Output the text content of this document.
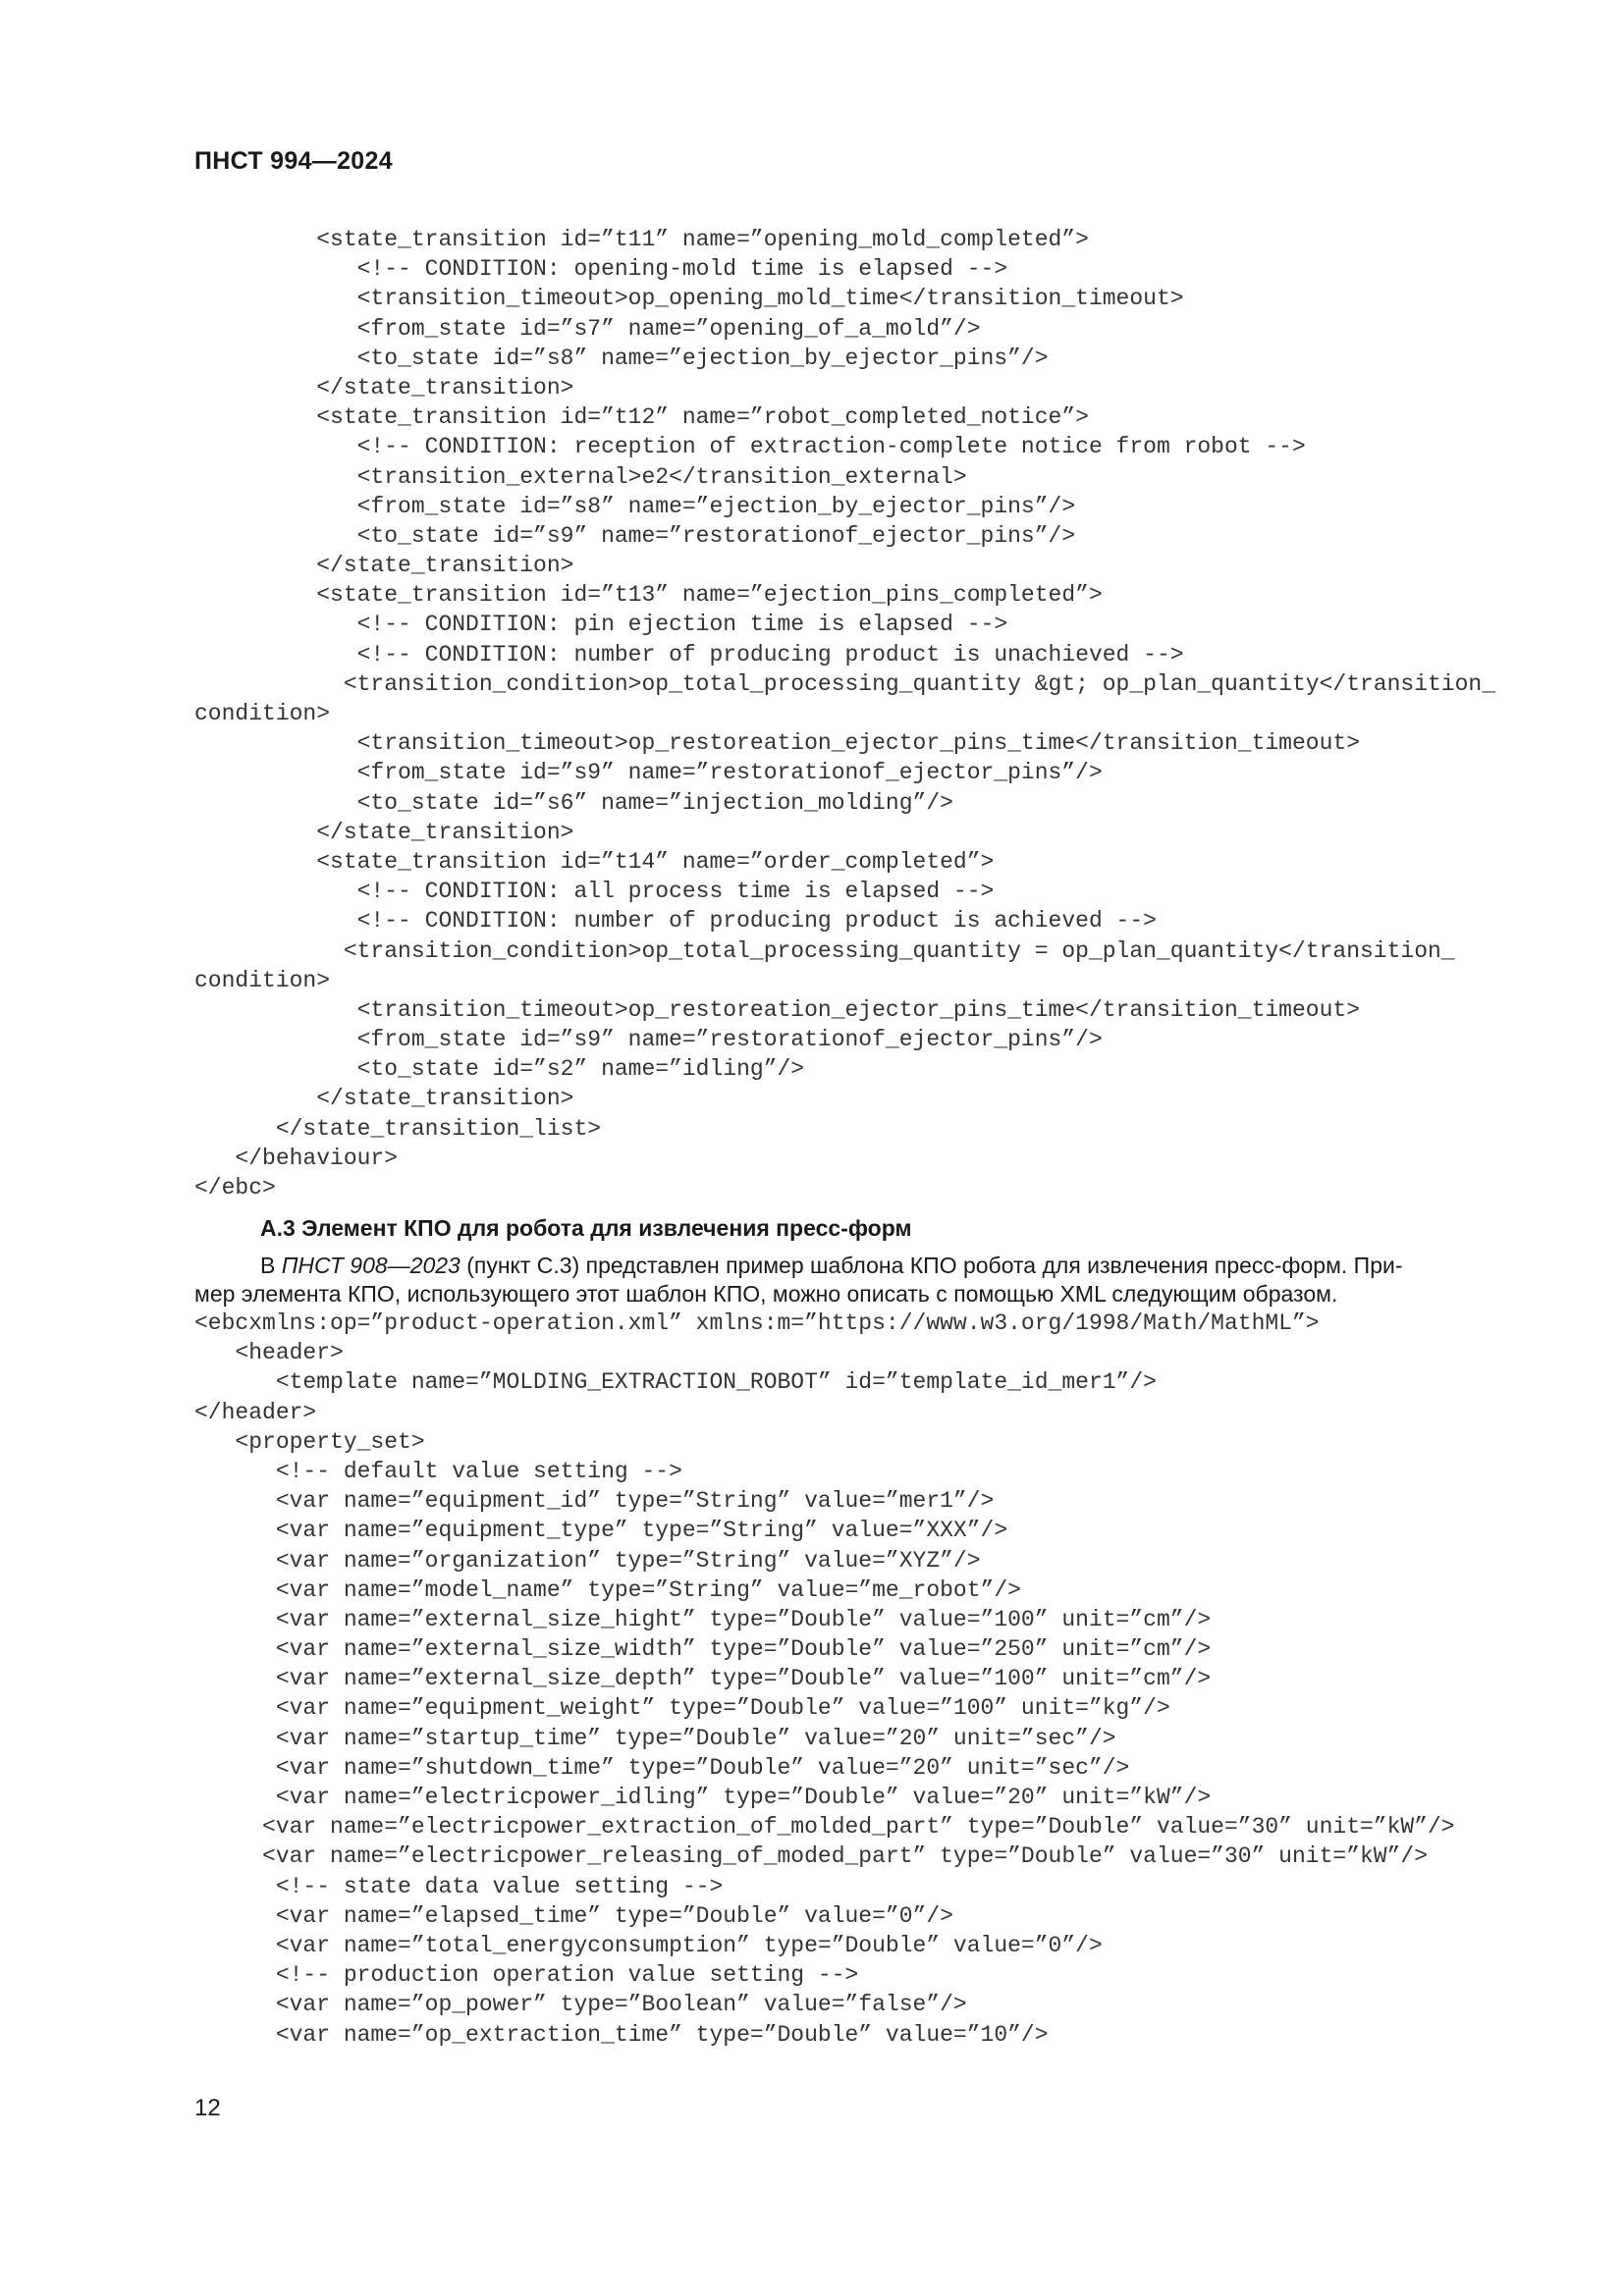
ПНСТ 994—2024
<state_transition id=”t11” name=”opening_mold_completed”>
<!-- CONDITION: opening-mold time is elapsed -->
<transition_timeout>op_opening_mold_time</transition_timeout>
<from_state id=”s7” name=”opening_of_a_mold”/>
<to_state id=”s8” name=”ejection_by_ejector_pins”/>
</state_transition>
<state_transition id=”t12” name=”robot_completed_notice”>
<!-- CONDITION: reception of extraction-complete notice from robot -->
<transition_external>e2</transition_external>
<from_state id=”s8” name=”ejection_by_ejector_pins”/>
<to_state id=”s9” name=”restorationof_ejector_pins”/>
</state_transition>
<state_transition id=”t13” name=”ejection_pins_completed”>
<!-- CONDITION: pin ejection time is elapsed -->
<!-- CONDITION: number of producing product is unachieved -->
<transition_condition>op_total_processing_quantity &gt; op_plan_quantity</transition_
condition>
<transition_timeout>op_restoreation_ejector_pins_time</transition_timeout>
<from_state id=”s9” name=”restorationof_ejector_pins”/>
<to_state id=”s6” name=”injection_molding”/>
</state_transition>
<state_transition id=”t14” name=”order_completed”>
<!-- CONDITION: all process time is elapsed -->
<!-- CONDITION: number of producing product is achieved -->
<transition_condition>op_total_processing_quantity = op_plan_quantity</transition_
condition>
<transition_timeout>op_restoreation_ejector_pins_time</transition_timeout>
<from_state id=”s9” name=”restorationof_ejector_pins”/>
<to_state id=”s2” name=”idling”/>
</state_transition>
</state_transition_list>
</behaviour>
</ebc>
А.3 Элемент КПО для робота для извлечения пресс-форм
В ПНСТ 908—2023 (пункт С.3) представлен пример шаблона КПО робота для извлечения пресс-форм. При-
мер элемента КПО, использующего этот шаблон КПО, можно описать с помощью XML следующим образом.
<ebcxmlns:op=”product-operation.xml” xmlns:m=”https://www.w3.org/1998/Math/MathML”>
<header>
<template name=”MOLDING_EXTRACTION_ROBOT” id=”template_id_mer1”/>
</header>
<property_set>
<!-- default value setting -->
<var name=”equipment_id” type=”String” value=”mer1”/>
<var name=”equipment_type” type=”String” value=”XXX”/>
<var name=”organization” type=”String” value=”XYZ”/>
<var name=”model_name” type=”String” value=”me_robot”/>
<var name=”external_size_hight” type=”Double” value=”100” unit=”cm”/>
<var name=”external_size_width” type=”Double” value=”250” unit=”cm”/>
<var name=”external_size_depth” type=”Double” value=”100” unit=”cm”/>
<var name=”equipment_weight” type=”Double” value=”100” unit=”kg”/>
<var name=”startup_time” type=”Double” value=”20” unit=”sec”/>
<var name=”shutdown_time” type=”Double” value=”20” unit=”sec”/>
<var name=”electricpower_idling” type=”Double” value=”20” unit=”kW”/>
<var name=”electricpower_extraction_of_molded_part” type=”Double” value=”30” unit=”kW”/>
<var name=”electricpower_releasing_of_moded_part” type=”Double” value=”30” unit=”kW”/>
<!-- state data value setting -->
<var name=”elapsed_time” type=”Double” value=”0”/>
<var name=”total_energyconsumption” type=”Double” value=”0”/>
<!-- production operation value setting -->
<var name=”op_power” type=”Boolean” value=”false”/>
<var name=”op_extraction_time” type=”Double” value=”10”/>
12
